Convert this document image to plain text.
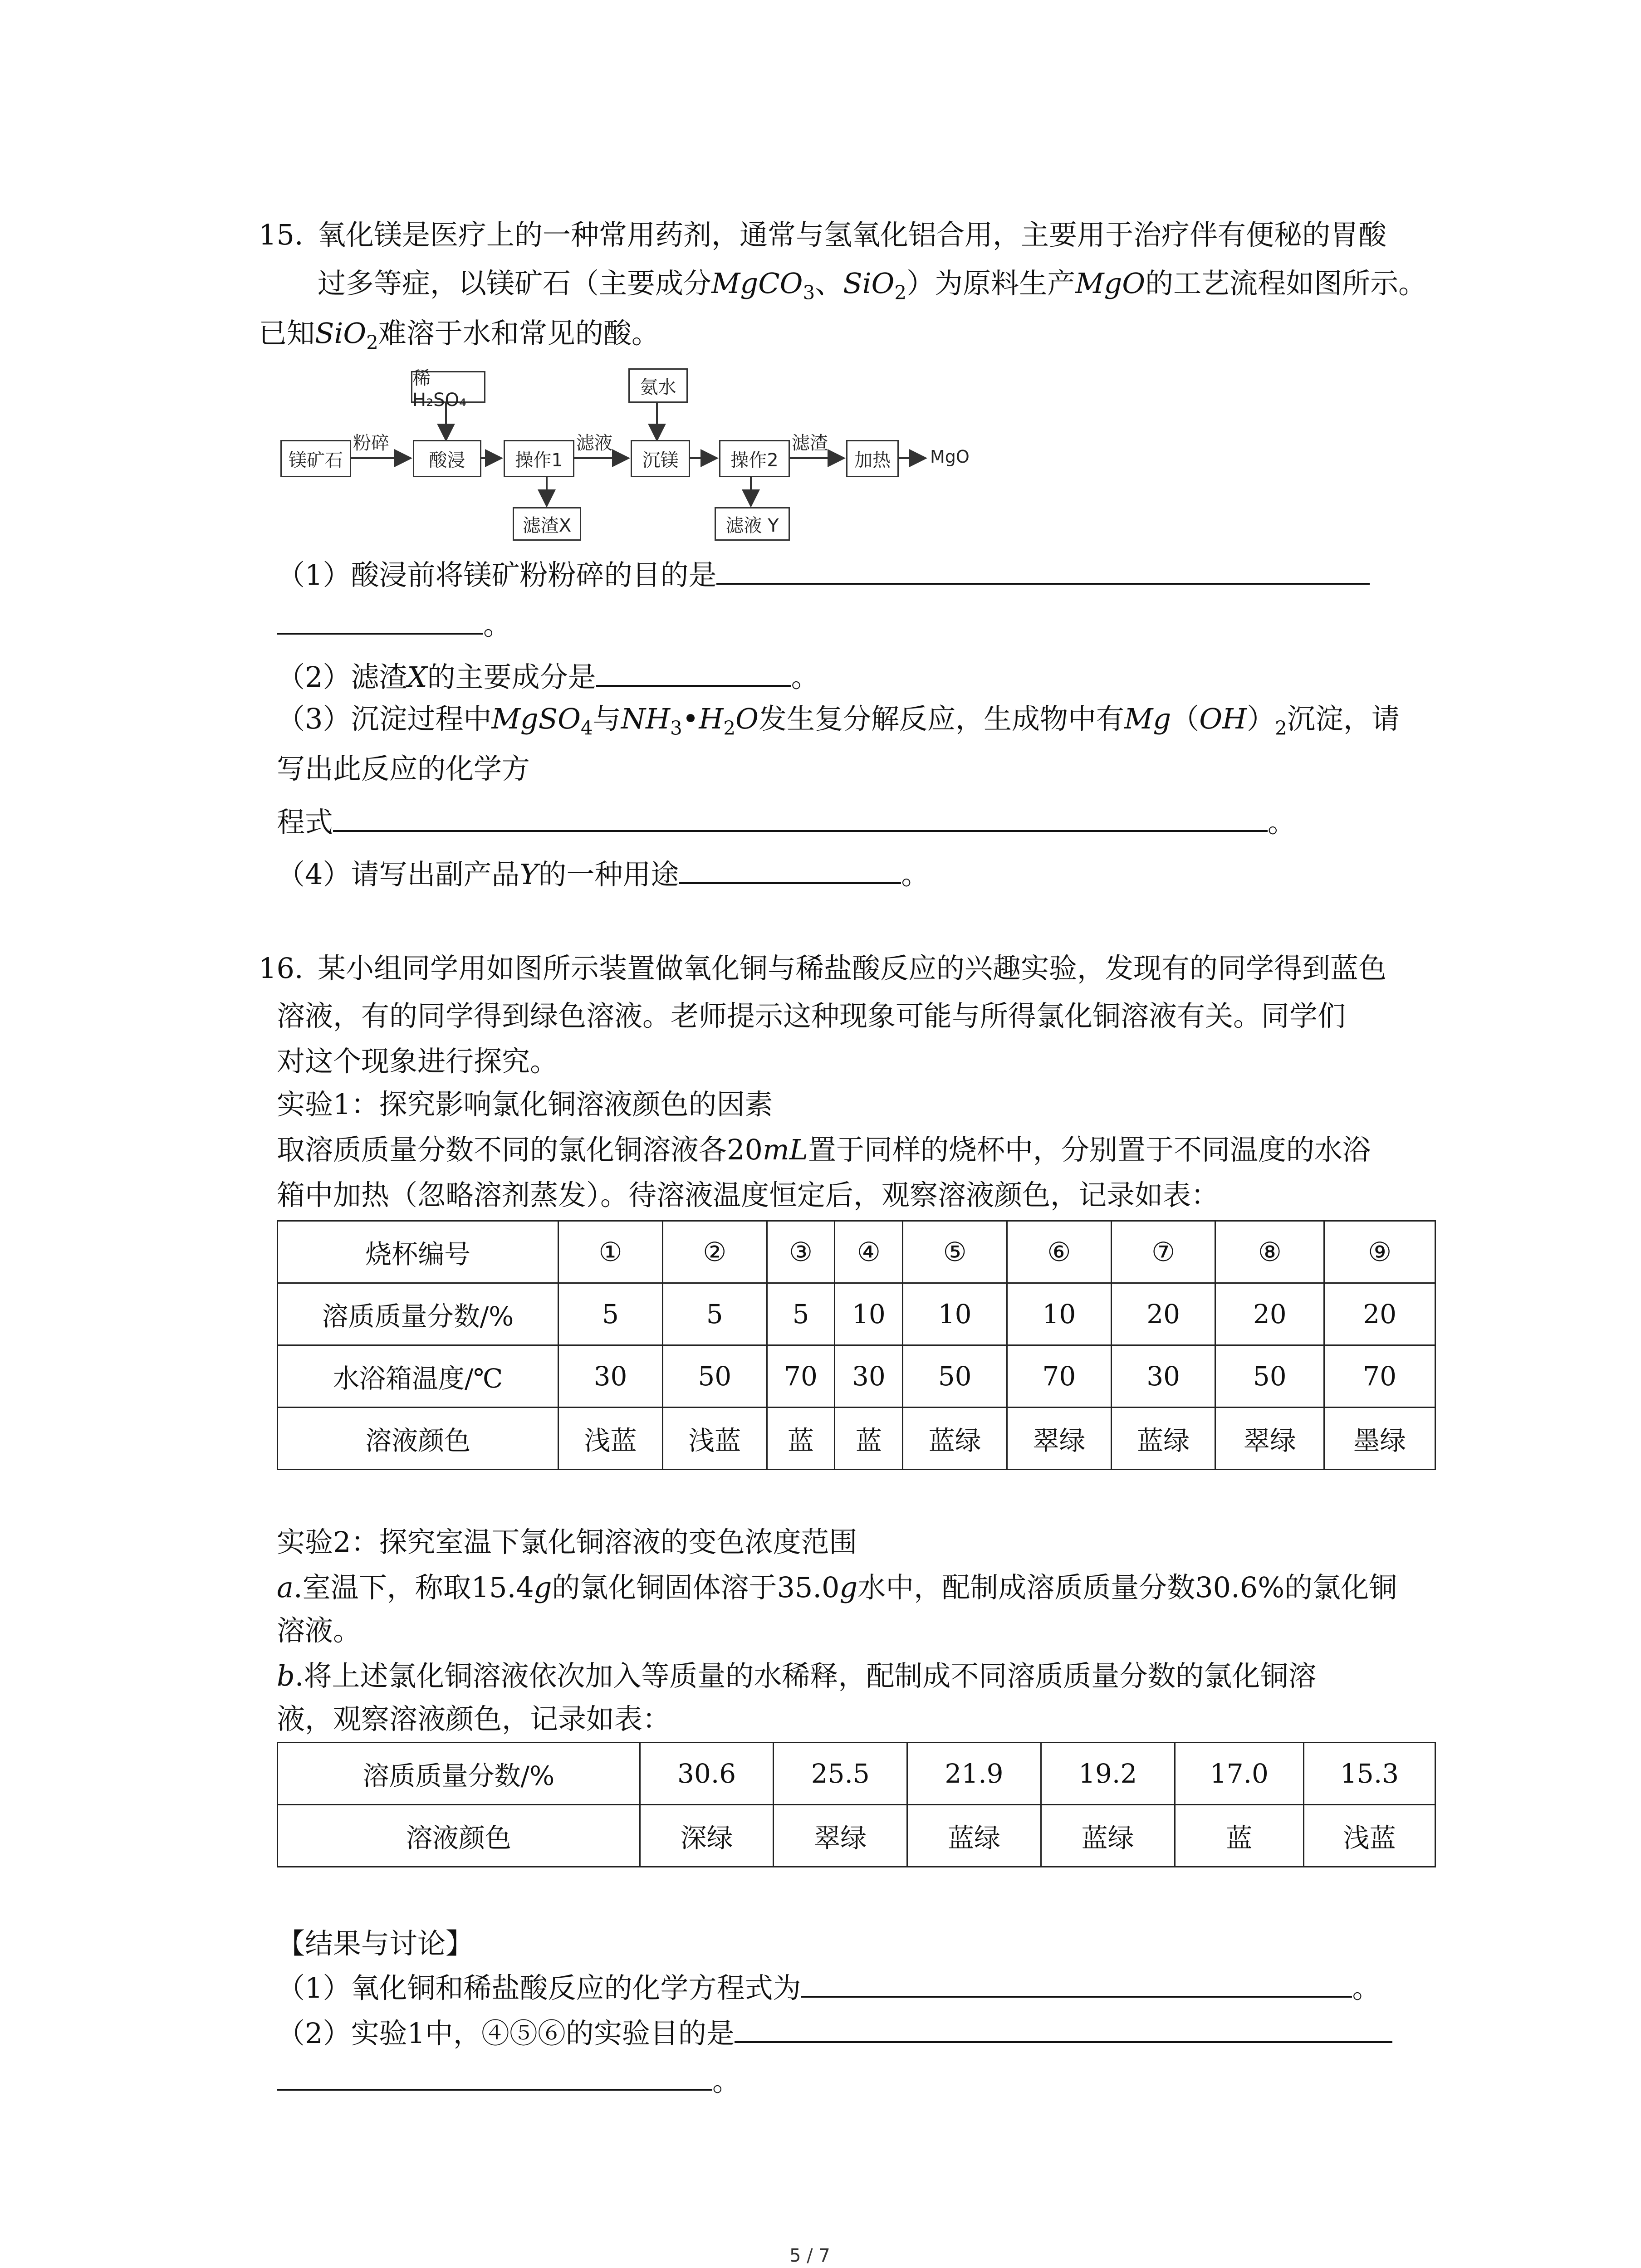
15. 氧化镁是医疗上的一种常用药剂，通常与氢氧化铝合用，主要用于治疗伴有便秘的胃酸
过多等症，以镁矿石（主要成分MgCO$_3$、SiO$_2$）为原料生产MgO的工艺流程如图所示。
已知SiO$_2$难溶于水和常见的酸。
镁矿石
粉碎
稀H₂SO₄
酸浸	操作1
滤渣X
滤液
氨水
沉镁	操作2
滤液 Y
滤渣
加热	MgO
（1）酸浸前将镁矿粉粉碎的目的是
。
（2）滤渣X的主要成分是	。
（3）沉淀过程中MgSO$_4$与$NH_3•H_2O$发生复分解反应，生成物中有$Mg(OH)_2$沉淀，请
写出此反应的化学方
程式	。
（4）请写出副产品Y的一种用途	。
16. 某小组同学用如图所示装置做氧化铜与稀盐酸反应的兴趣实验，发现有的同学得到蓝色
溶液，有的同学得到绿色溶液。老师提示这种现象可能与所得氯化铜溶液有关。同学们
对这个现象进行探究。
实验1：探究影响氯化铜溶液颜色的因素
取溶质质量分数不同的氯化铜溶液各20mL置于同样的烧杯中，分别置于不同温度的水浴
箱中加热（忽略溶剂蒸发）。待溶液温度恒定后，观察溶液颜色，记录如表：
烧杯编号	①	②	③	④	⑤	⑥	⑦	⑧	⑨
溶质质量分数/%	5	5	5	10	10	10	20	20	20
水浴箱温度/℃	30	50	70	30	50	70	30	50	70
溶液颜色	浅蓝	浅蓝	蓝	蓝	蓝绿	翠绿	蓝绿	翠绿	墨绿
实验2：探究室温下氯化铜溶液的变色浓度范围
a.室温下，称取15.4g的氯化铜固体溶于35.0g水中，配制成溶质质量分数30.6%的氯化铜
溶液。
b.将上述氯化铜溶液依次加入等质量的水稀释，配制成不同溶质质量分数的氯化铜溶
液，观察溶液颜色，记录如表：
溶质质量分数/%	30.6	25.5	21.9	19.2	17.0	15.3
溶液颜色	深绿	翠绿	蓝绿	蓝绿	蓝	浅蓝
【结果与讨论】
（1）氧化铜和稀盐酸反应的化学方程式为	。
（2）实验1中，④⑤⑥的实验目的是
。
5 / 7
